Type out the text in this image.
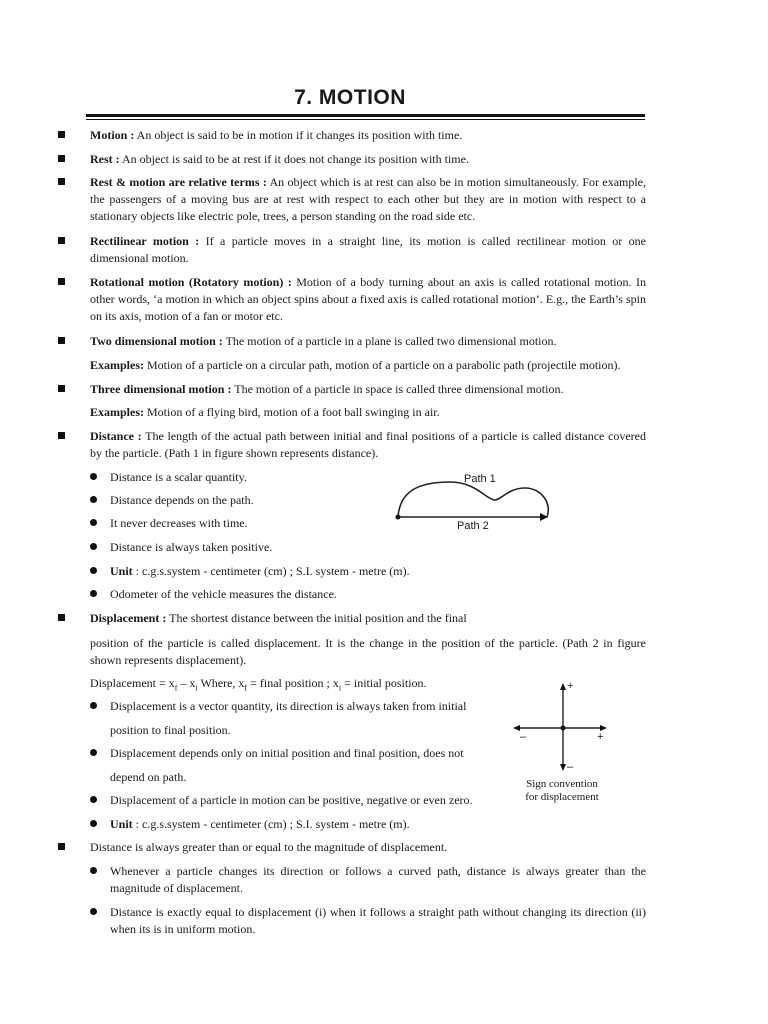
7. MOTION
Motion : An object is said to be in motion if it changes its position with time.
Rest : An object is said to be at rest if it does not change its position with time.
Rest & motion are relative terms : An object which is at rest can also be in motion simultaneously. For example, the passengers of a moving bus are at rest with respect to each other but they are in motion with respect to a stationary objects like electric pole, trees, a person standing on the road side etc.
Rectilinear motion : If a particle moves in a straight line, its motion is called rectilinear motion or one dimensional motion.
Rotational motion (Rotatory motion) : Motion of a body turning about an axis is called rotational motion. In other words, ‘a motion in which an object spins about a fixed axis is called rotational motion’. E.g., the Earth’s spin on its axis, motion of a fan or motor etc.
Two dimensional motion : The motion of a particle in a plane is called two dimensional motion.
Examples: Motion of a particle on a circular path, motion of a particle on a parabolic path (projectile motion).
Three dimensional motion : The motion of a particle in space is called three dimensional motion.
Examples: Motion of a flying bird, motion of a foot ball swinging in air.
Distance : The length of the actual path between initial and final positions of a particle is called distance covered by the particle. (Path 1 in figure shown represents distance).
Distance is a scalar quantity.
Distance depends on the path.
It never decreases with time.
Distance is always taken positive.
Unit : c.g.s.system - centimeter (cm) ; S.I. system - metre (m).
Odometer of the vehicle measures the distance.
Path 1
Path 2
Displacement : The shortest distance between the initial position and the final
position of the particle is called displacement. It is the change in the position of the particle. (Path 2 in figure shown represents displacement).
Displacement = $x_f - x_i$ Where, $x_f$ = final position ; $x_i$ = initial position.
Displacement is a vector quantity, its direction is always taken from initial
position to final position.
Displacement depends only on initial position and final position, does not
depend on path.
Displacement of a particle in motion can be positive, negative or even zero.
Unit : c.g.s.system - centimeter (cm) ; S.I. system - metre (m).
+
+
–
–
Sign convention
for displacement
Distance is always greater than or equal to the magnitude of displacement.
Whenever a particle changes its direction or follows a curved path, distance is always greater than the magnitude of displacement.
Distance is exactly equal to displacement (i) when it follows a straight path without changing its direction (ii) when its is in uniform motion.
